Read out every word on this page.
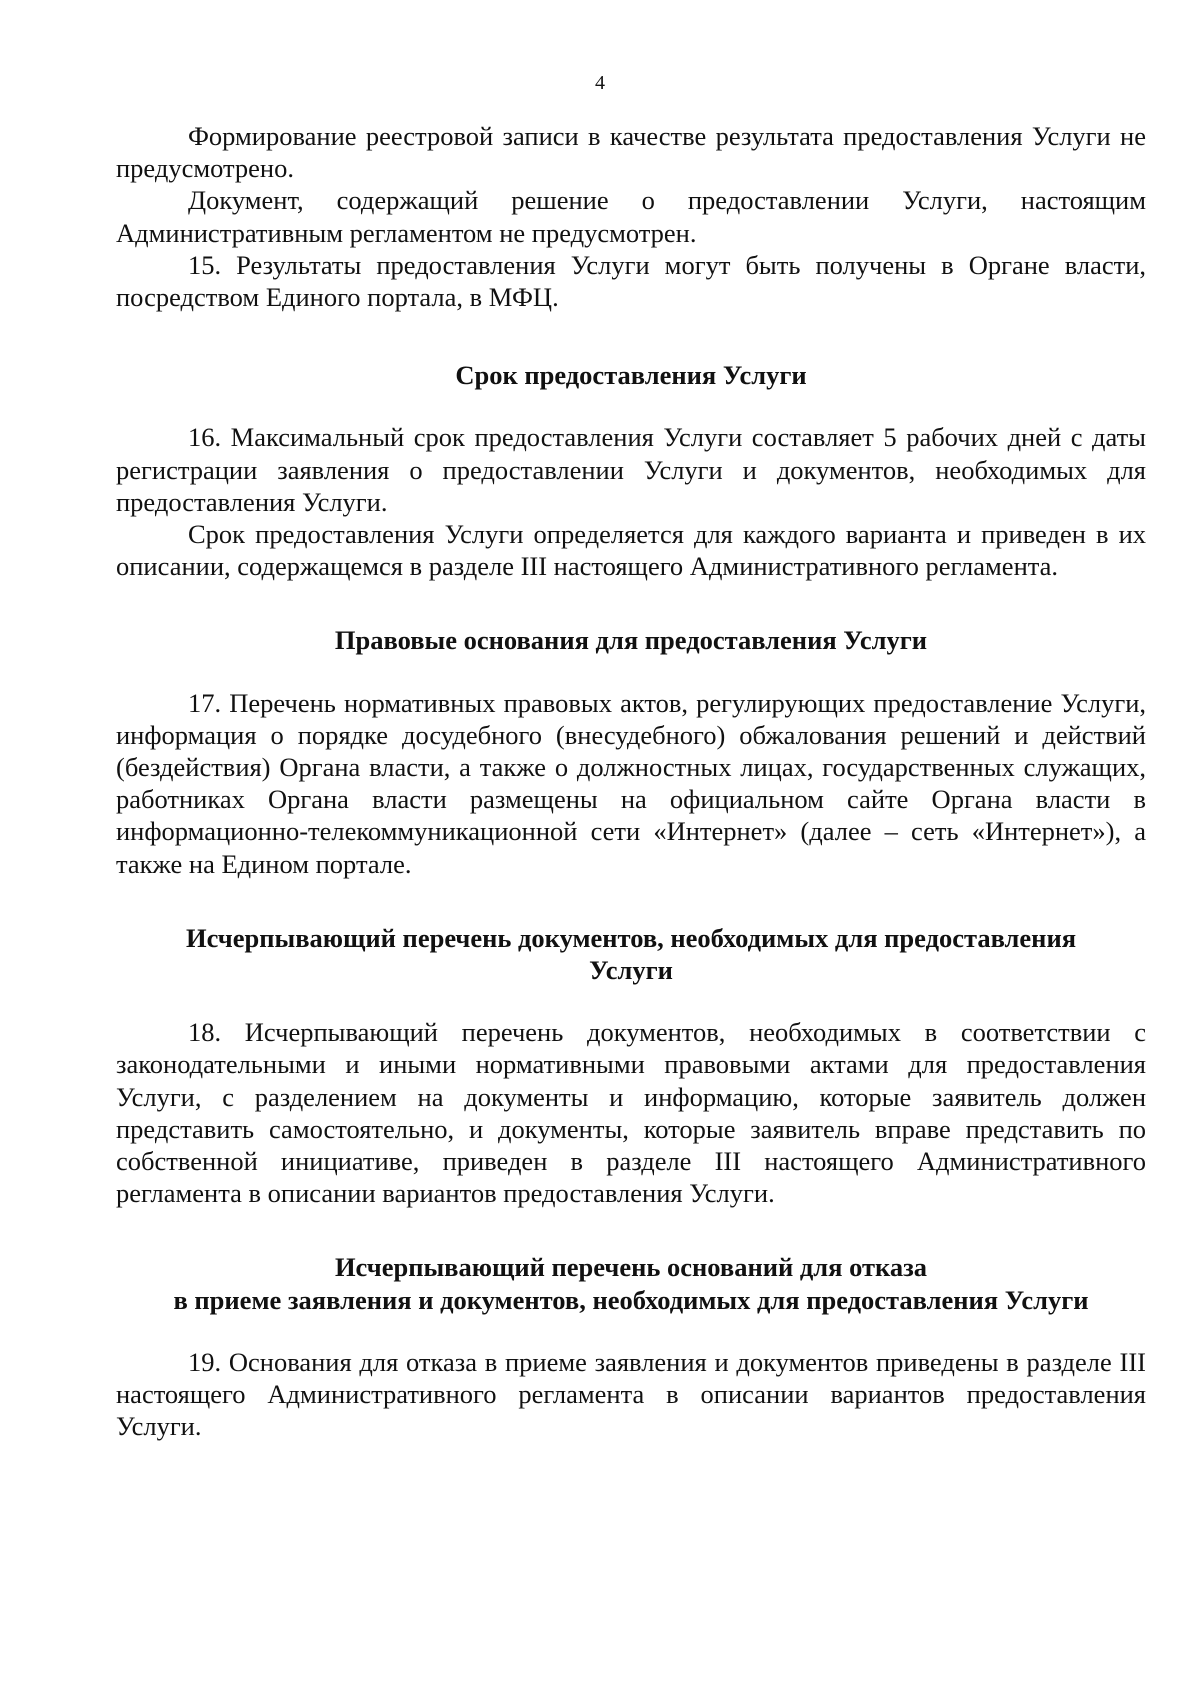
4

Формирование реестровой записи в качестве результата предоставления Услуги не предусмотрено.

Документ, содержащий решение о предоставлении Услуги, настоящим Административным регламентом не предусмотрен.

15. Результаты предоставления Услуги могут быть получены в Органе власти, посредством Единого портала, в МФЦ.

Срок предоставления Услуги

16. Максимальный срок предоставления Услуги составляет 5 рабочих дней с даты регистрации заявления о предоставлении Услуги и документов, необходимых для предоставления Услуги.

Срок предоставления Услуги определяется для каждого варианта и приведен в их описании, содержащемся в разделе III настоящего Административного регламента.

Правовые основания для предоставления Услуги

17. Перечень нормативных правовых актов, регулирующих предоставление Услуги, информация о порядке досудебного (внесудебного) обжалования решений и действий (бездействия) Органа власти, а также о должностных лицах, государственных служащих, работниках Органа власти размещены на официальном сайте Органа власти в информационно-телекоммуникационной сети «Интернет» (далее – сеть «Интернет»), а также на Едином портале.

Исчерпывающий перечень документов, необходимых для предоставления
Услуги

18. Исчерпывающий перечень документов, необходимых в соответствии с законодательными и иными нормативными правовыми актами для предоставления Услуги, с разделением на документы и информацию, которые заявитель должен представить самостоятельно, и документы, которые заявитель вправе представить по собственной инициативе, приведен в разделе III настоящего Административного регламента в описании вариантов предоставления Услуги.

Исчерпывающий перечень оснований для отказа
в приеме заявления и документов, необходимых для предоставления Услуги

19. Основания для отказа в приеме заявления и документов приведены в разделе III настоящего Административного регламента в описании вариантов предоставления Услуги.
